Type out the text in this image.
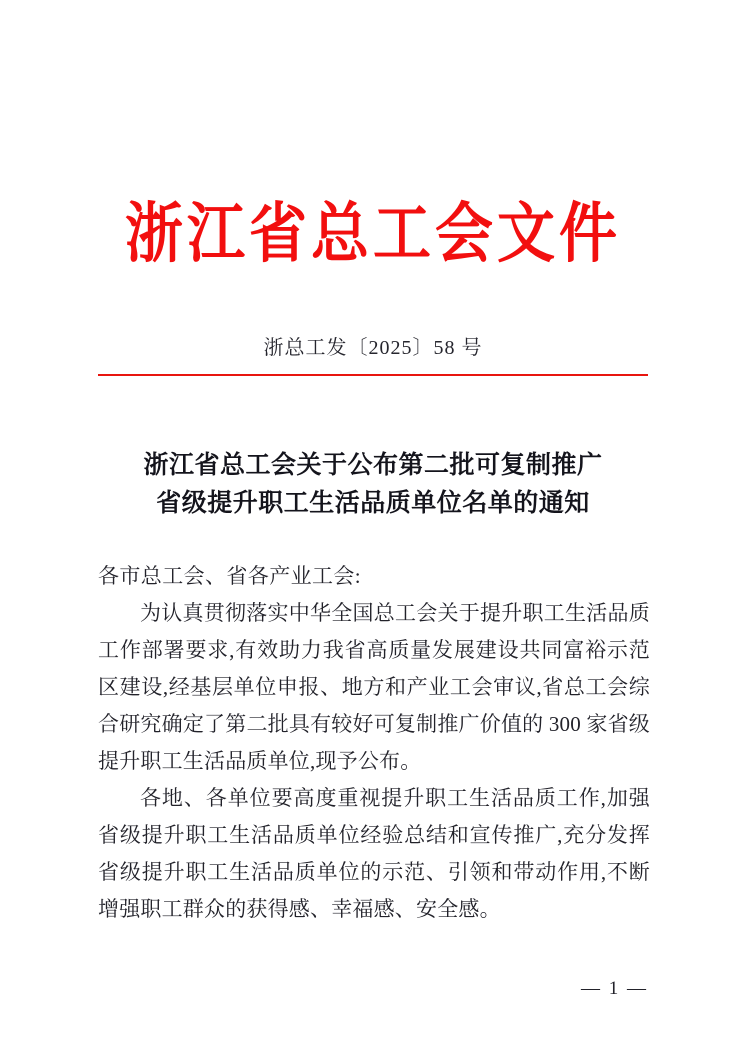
浙江省总工会文件
浙总工发〔2025〕58 号
浙江省总工会关于公布第二批可复制推广
省级提升职工生活品质单位名单的通知
各市总工会、省各产业工会:

为认真贯彻落实中华全国总工会关于提升职工生活品质工作部署要求,有效助力我省高质量发展建设共同富裕示范区建设,经基层单位申报、地方和产业工会审议,省总工会综合研究确定了第二批具有较好可复制推广价值的 300 家省级提升职工生活品质单位,现予公布。

各地、各单位要高度重视提升职工生活品质工作,加强省级提升职工生活品质单位经验总结和宣传推广,充分发挥省级提升职工生活品质单位的示范、引领和带动作用,不断增强职工群众的获得感、幸福感、安全感。

— 1 —
